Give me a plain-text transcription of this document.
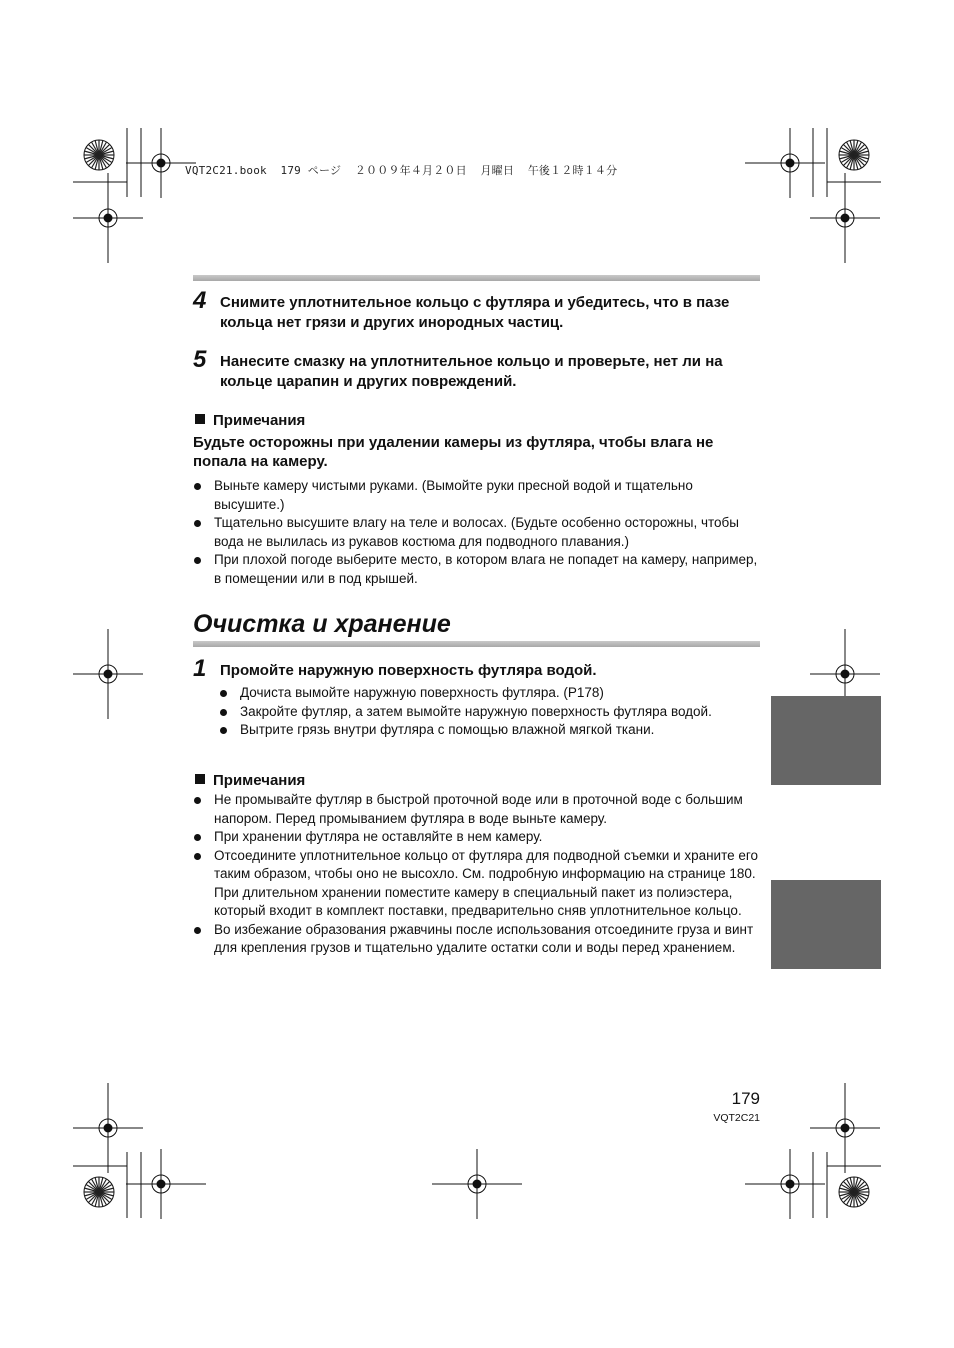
VQT2C21.book  179 ページ  ２００９年４月２０日  月曜日  午後１２時１４分
4 Снимите уплотнительное кольцо с футляра и убедитесь, что в пазе кольца нет грязи и других инородных частиц.
5 Нанесите смазку на уплотнительное кольцо и проверьте, нет ли на кольце царапин и других повреждений.
Примечания
Будьте осторожны при удалении камеры из футляра, чтобы влага не попала на камеру.
Выньте камеру чистыми руками. (Вымойте руки пресной водой и тщательно высушите.)
Тщательно высушите влагу на теле и волосах. (Будьте особенно осторожны, чтобы вода не вылилась из рукавов костюма для подводного плавания.)
При плохой погоде выберите место, в котором влага не попадет на камеру, например, в помещении или в под крышей.
Очистка и хранение
1 Промойте наружную поверхность футляра водой.
Дочиста вымойте наружную поверхность футляра. (P178)
Закройте футляр, а затем вымойте наружную поверхность футляра водой.
Вытрите грязь внутри футляра с помощью влажной мягкой ткани.
Примечания
Не промывайте футляр в быстрой проточной воде или в проточной воде с большим напором. Перед промыванием футляра в воде выньте камеру.
При хранении футляра не оставляйте в нем камеру.
Отсоедините уплотнительное кольцо от футляра для подводной съемки и храните его таким образом, чтобы оно не высохло. См. подробную информацию на странице 180.
При длительном хранении поместите камеру в специальный пакет из полиэстера, который входит в комплект поставки, предварительно сняв уплотнительное кольцо.
Во избежание образования ржавчины после использования отсоедините груза и винт для крепления грузов и тщательно удалите остатки соли и воды перед хранением.
179
VQT2C21
